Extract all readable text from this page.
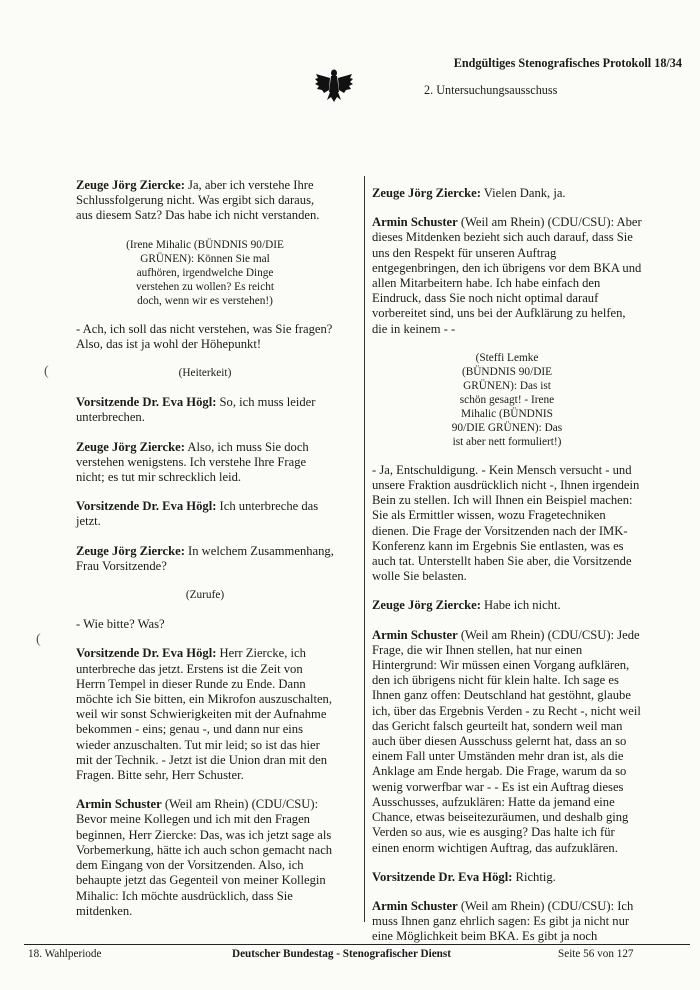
Endgültiges Stenografisches Protokoll 18/34
2. Untersuchungsausschuss
(
(

Zeuge Jörg Ziercke: Ja, aber ich verstehe Ihre Schlussfolgerung nicht. Was ergibt sich daraus, aus diesem Satz? Das habe ich nicht verstanden.

(Irene Mihalic (BÜNDNIS 90/DIE GRÜNEN): Können Sie mal aufhören, irgendwelche Dinge verstehen zu wollen? Es reicht doch, wenn wir es verstehen!)

- Ach, ich soll das nicht verstehen, was Sie fragen? Also, das ist ja wohl der Höhepunkt!

(Heiterkeit)

Vorsitzende Dr. Eva Högl: So, ich muss leider unterbrechen.

Zeuge Jörg Ziercke: Also, ich muss Sie doch verstehen wenigstens. Ich verstehe Ihre Frage nicht; es tut mir schrecklich leid.

Vorsitzende Dr. Eva Högl: Ich unterbreche das jetzt.

Zeuge Jörg Ziercke: In welchem Zusammenhang, Frau Vorsitzende?

(Zurufe)

- Wie bitte? Was?

Vorsitzende Dr. Eva Högl: Herr Ziercke, ich unterbreche das jetzt. Erstens ist die Zeit von Herrn Tempel in dieser Runde zu Ende. Dann möchte ich Sie bitten, ein Mikrofon auszuschalten, weil wir sonst Schwierigkeiten mit der Aufnahme bekommen - eins; genau -, und dann nur eins wieder anzuschalten. Tut mir leid; so ist das hier mit der Technik. - Jetzt ist die Union dran mit den Fragen. Bitte sehr, Herr Schuster.

Armin Schuster (Weil am Rhein) (CDU/CSU): Bevor meine Kollegen und ich mit den Fragen beginnen, Herr Ziercke: Das, was ich jetzt sage als Vorbemerkung, hätte ich auch schon gemacht nach dem Eingang von der Vorsitzenden. Also, ich behaupte jetzt das Gegenteil von meiner Kollegin Mihalic: Ich möchte ausdrücklich, dass Sie mitdenken.

Zeuge Jörg Ziercke: Vielen Dank, ja.

Armin Schuster (Weil am Rhein) (CDU/CSU): Aber dieses Mitdenken bezieht sich auch darauf, dass Sie uns den Respekt für unseren Auftrag entgegenbringen, den ich übrigens vor dem BKA und allen Mitarbeitern habe. Ich habe einfach den Eindruck, dass Sie noch nicht optimal darauf vorbereitet sind, uns bei der Aufklärung zu helfen, die in keinem - -

(Steffi Lemke (BÜNDNIS 90/DIE GRÜNEN): Das ist schön gesagt! - Irene Mihalic (BÜNDNIS 90/DIE GRÜNEN): Das ist aber nett formuliert!)

- Ja, Entschuldigung. - Kein Mensch versucht - und unsere Fraktion ausdrücklich nicht -, Ihnen irgendein Bein zu stellen. Ich will Ihnen ein Beispiel machen: Sie als Ermittler wissen, wozu Fragetechniken dienen. Die Frage der Vorsitzenden nach der IMK-Konferenz kann im Ergebnis Sie entlasten, was es auch tat. Unterstellt haben Sie aber, die Vorsitzende wolle Sie belasten.

Zeuge Jörg Ziercke: Habe ich nicht.

Armin Schuster (Weil am Rhein) (CDU/CSU): Jede Frage, die wir Ihnen stellen, hat nur einen Hintergrund: Wir müssen einen Vorgang aufklären, den ich übrigens nicht für klein halte. Ich sage es Ihnen ganz offen: Deutschland hat gestöhnt, glaube ich, über das Ergebnis Verden - zu Recht -, nicht weil das Gericht falsch geurteilt hat, sondern weil man auch über diesen Ausschuss gelernt hat, dass an so einem Fall unter Umständen mehr dran ist, als die Anklage am Ende hergab. Die Frage, warum da so wenig vorwerfbar war - - Es ist ein Auftrag dieses Ausschusses, aufzuklären: Hatte da jemand eine Chance, etwas beiseitezuräumen, und deshalb ging Verden so aus, wie es ausging? Das halte ich für einen enorm wichtigen Auftrag, das aufzuklären.

Vorsitzende Dr. Eva Högl: Richtig.

Armin Schuster (Weil am Rhein) (CDU/CSU): Ich muss Ihnen ganz ehrlich sagen: Es gibt ja nicht nur eine Möglichkeit beim BKA. Es gibt ja noch

18. Wahlperiode	Deutscher Bundestag - Stenografischer Dienst	Seite 56 von 127
